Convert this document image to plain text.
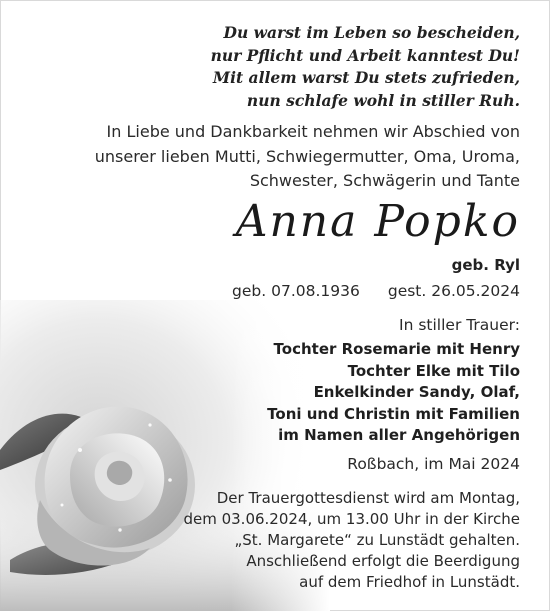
Du warst im Leben so bescheiden,
nur Pflicht und Arbeit kanntest Du!
Mit allem warst Du stets zufrieden,
nun schlafe wohl in stiller Ruh.
In Liebe und Dankbarkeit nehmen wir Abschied von
unserer lieben Mutti, Schwiegermutter, Oma, Uroma,
Schwester, Schwägerin und Tante
Anna Popko
geb. Ryl
geb. 07.08.1936 gest. 26.05.2024
In stiller Trauer:
Tochter Rosemarie mit Henry
Tochter Elke mit Tilo
Enkelkinder Sandy, Olaf,
Toni und Christin mit Familien
im Namen aller Angehörigen
Roßbach, im Mai 2024
Der Trauergottesdienst wird am Montag,
dem 03.06.2024, um 13.00 Uhr in der Kirche
„St. Margarete“ zu Lunstädt gehalten.
Anschließend erfolgt die Beerdigung
auf dem Friedhof in Lunstädt.
